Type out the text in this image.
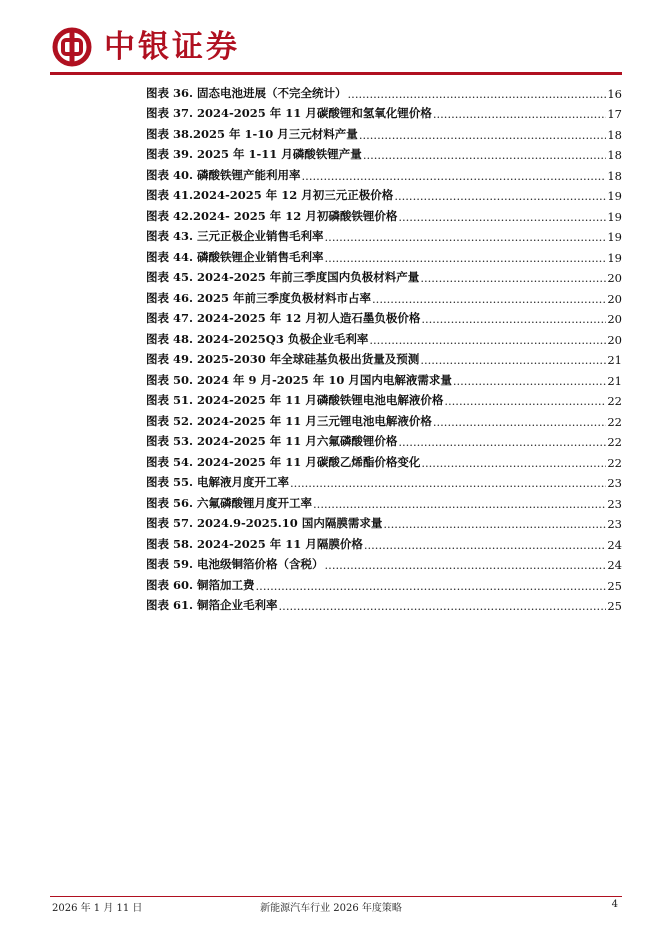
中银证券
图表 36. 固态电池进展（不完全统计） .....	16
图表 37. 2024-2025 年 11 月碳酸锂和氢氧化锂价格 .....	17
图表 38.2025 年 1-10 月三元材料产量 .....	18
图表 39. 2025 年 1-11 月磷酸铁锂产量 .....	18
图表 40. 磷酸铁锂产能利用率 .....	18
图表 41.2024-2025 年 12 月初三元正极价格 .....	19
图表 42.2024- 2025 年 12 月初磷酸铁锂价格 .....	19
图表 43. 三元正极企业销售毛利率 .....	19
图表 44. 磷酸铁锂企业销售毛利率 .....	19
图表 45. 2024-2025 年前三季度国内负极材料产量 .....	20
图表 46. 2025 年前三季度负极材料市占率 .....	20
图表 47. 2024-2025 年 12 月初人造石墨负极价格 .....	20
图表 48. 2024-2025Q3 负极企业毛利率 .....	20
图表 49. 2025-2030 年全球硅基负极出货量及预测 .....	21
图表 50. 2024 年 9 月-2025 年 10 月国内电解液需求量 .....	21
图表 51. 2024-2025 年 11 月磷酸铁锂电池电解液价格 .....	22
图表 52. 2024-2025 年 11 月三元锂电池电解液价格 .....	22
图表 53. 2024-2025 年 11 月六氟磷酸锂价格 .....	22
图表 54. 2024-2025 年 11 月碳酸乙烯酯价格变化 .....	22
图表 55. 电解液月度开工率 .....	23
图表 56. 六氟磷酸锂月度开工率 .....	23
图表 57. 2024.9-2025.10 国内隔膜需求量 .....	23
图表 58. 2024-2025 年 11 月隔膜价格 .....	24
图表 59. 电池级铜箔价格（含税） .....	24
图表 60. 铜箔加工费 .....	25
图表 61. 铜箔企业毛利率 .....	25
2026 年 1 月 11 日	新能源汽车行业 2026 年度策略	4
